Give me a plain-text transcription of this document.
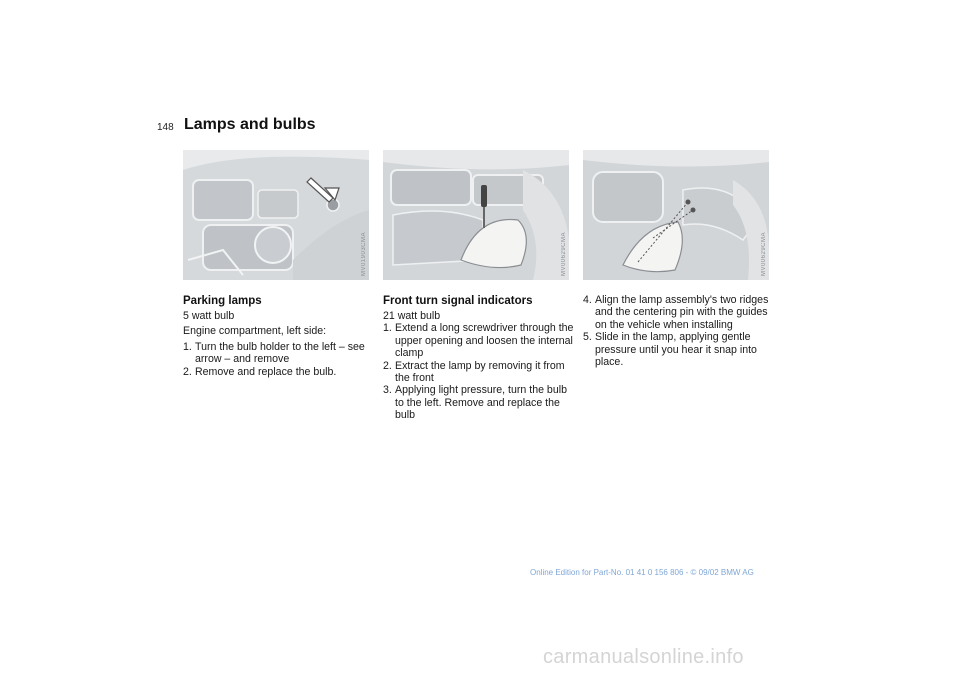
148 Lamps and bulbs
MV01903CMA	MV00629CMA	MV00629CMA
Parking lamps

5 watt bulb

Engine compartment, left side:

1. Turn the bulb holder to the left – see arrow – and remove
2. Remove and replace the bulb.
Front turn signal indicators

21 watt bulb

1. Extend a long screwdriver through the upper opening and loosen the internal clamp
2. Extract the lamp by removing it from the front
3. Applying light pressure, turn the bulb to the left. Remove and replace the bulb
4. Align the lamp assembly's two ridges and the centering pin with the guides on the vehicle when installing
5. Slide in the lamp, applying gentle pressure until you hear it snap into place.
Online Edition for Part-No. 01 41 0 156 806 - © 09/02 BMW AG
carmanualsonline.info
